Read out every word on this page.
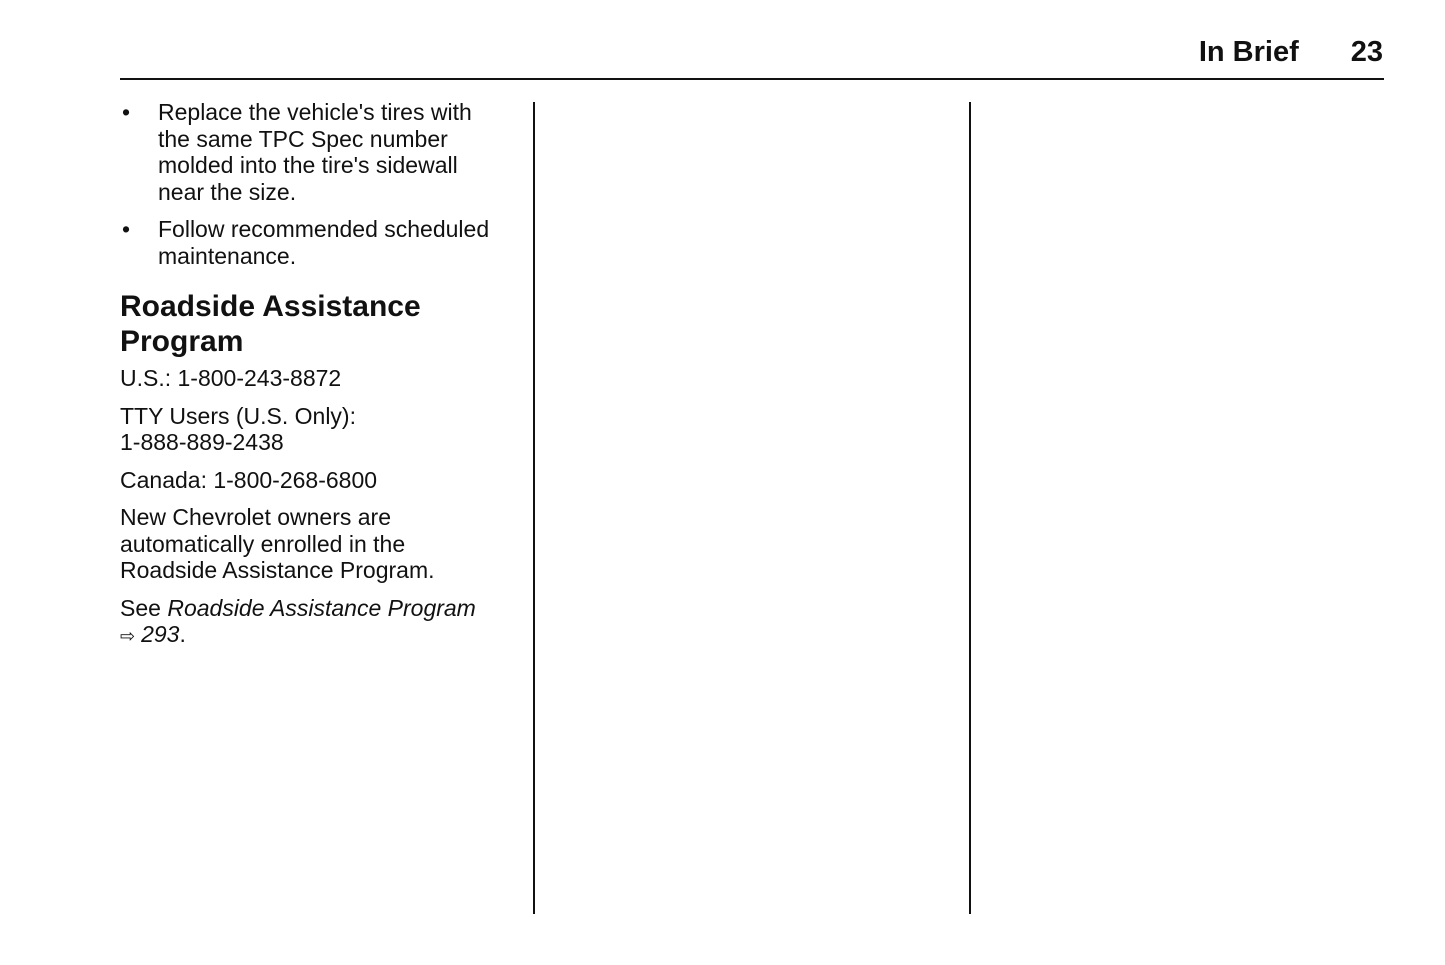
In Brief 23
• Replace the vehicle's tires with
the same TPC Spec number
molded into the tire's sidewall
near the size.
• Follow recommended scheduled
maintenance.
Roadside Assistance
Program

U.S.: 1-800-243-8872

TTY Users (U.S. Only):
1-888-889-2438

Canada: 1-800-268-6800

New Chevrolet owners are
automatically enrolled in the
Roadside Assistance Program.

See Roadside Assistance Program
⇨ 293.
